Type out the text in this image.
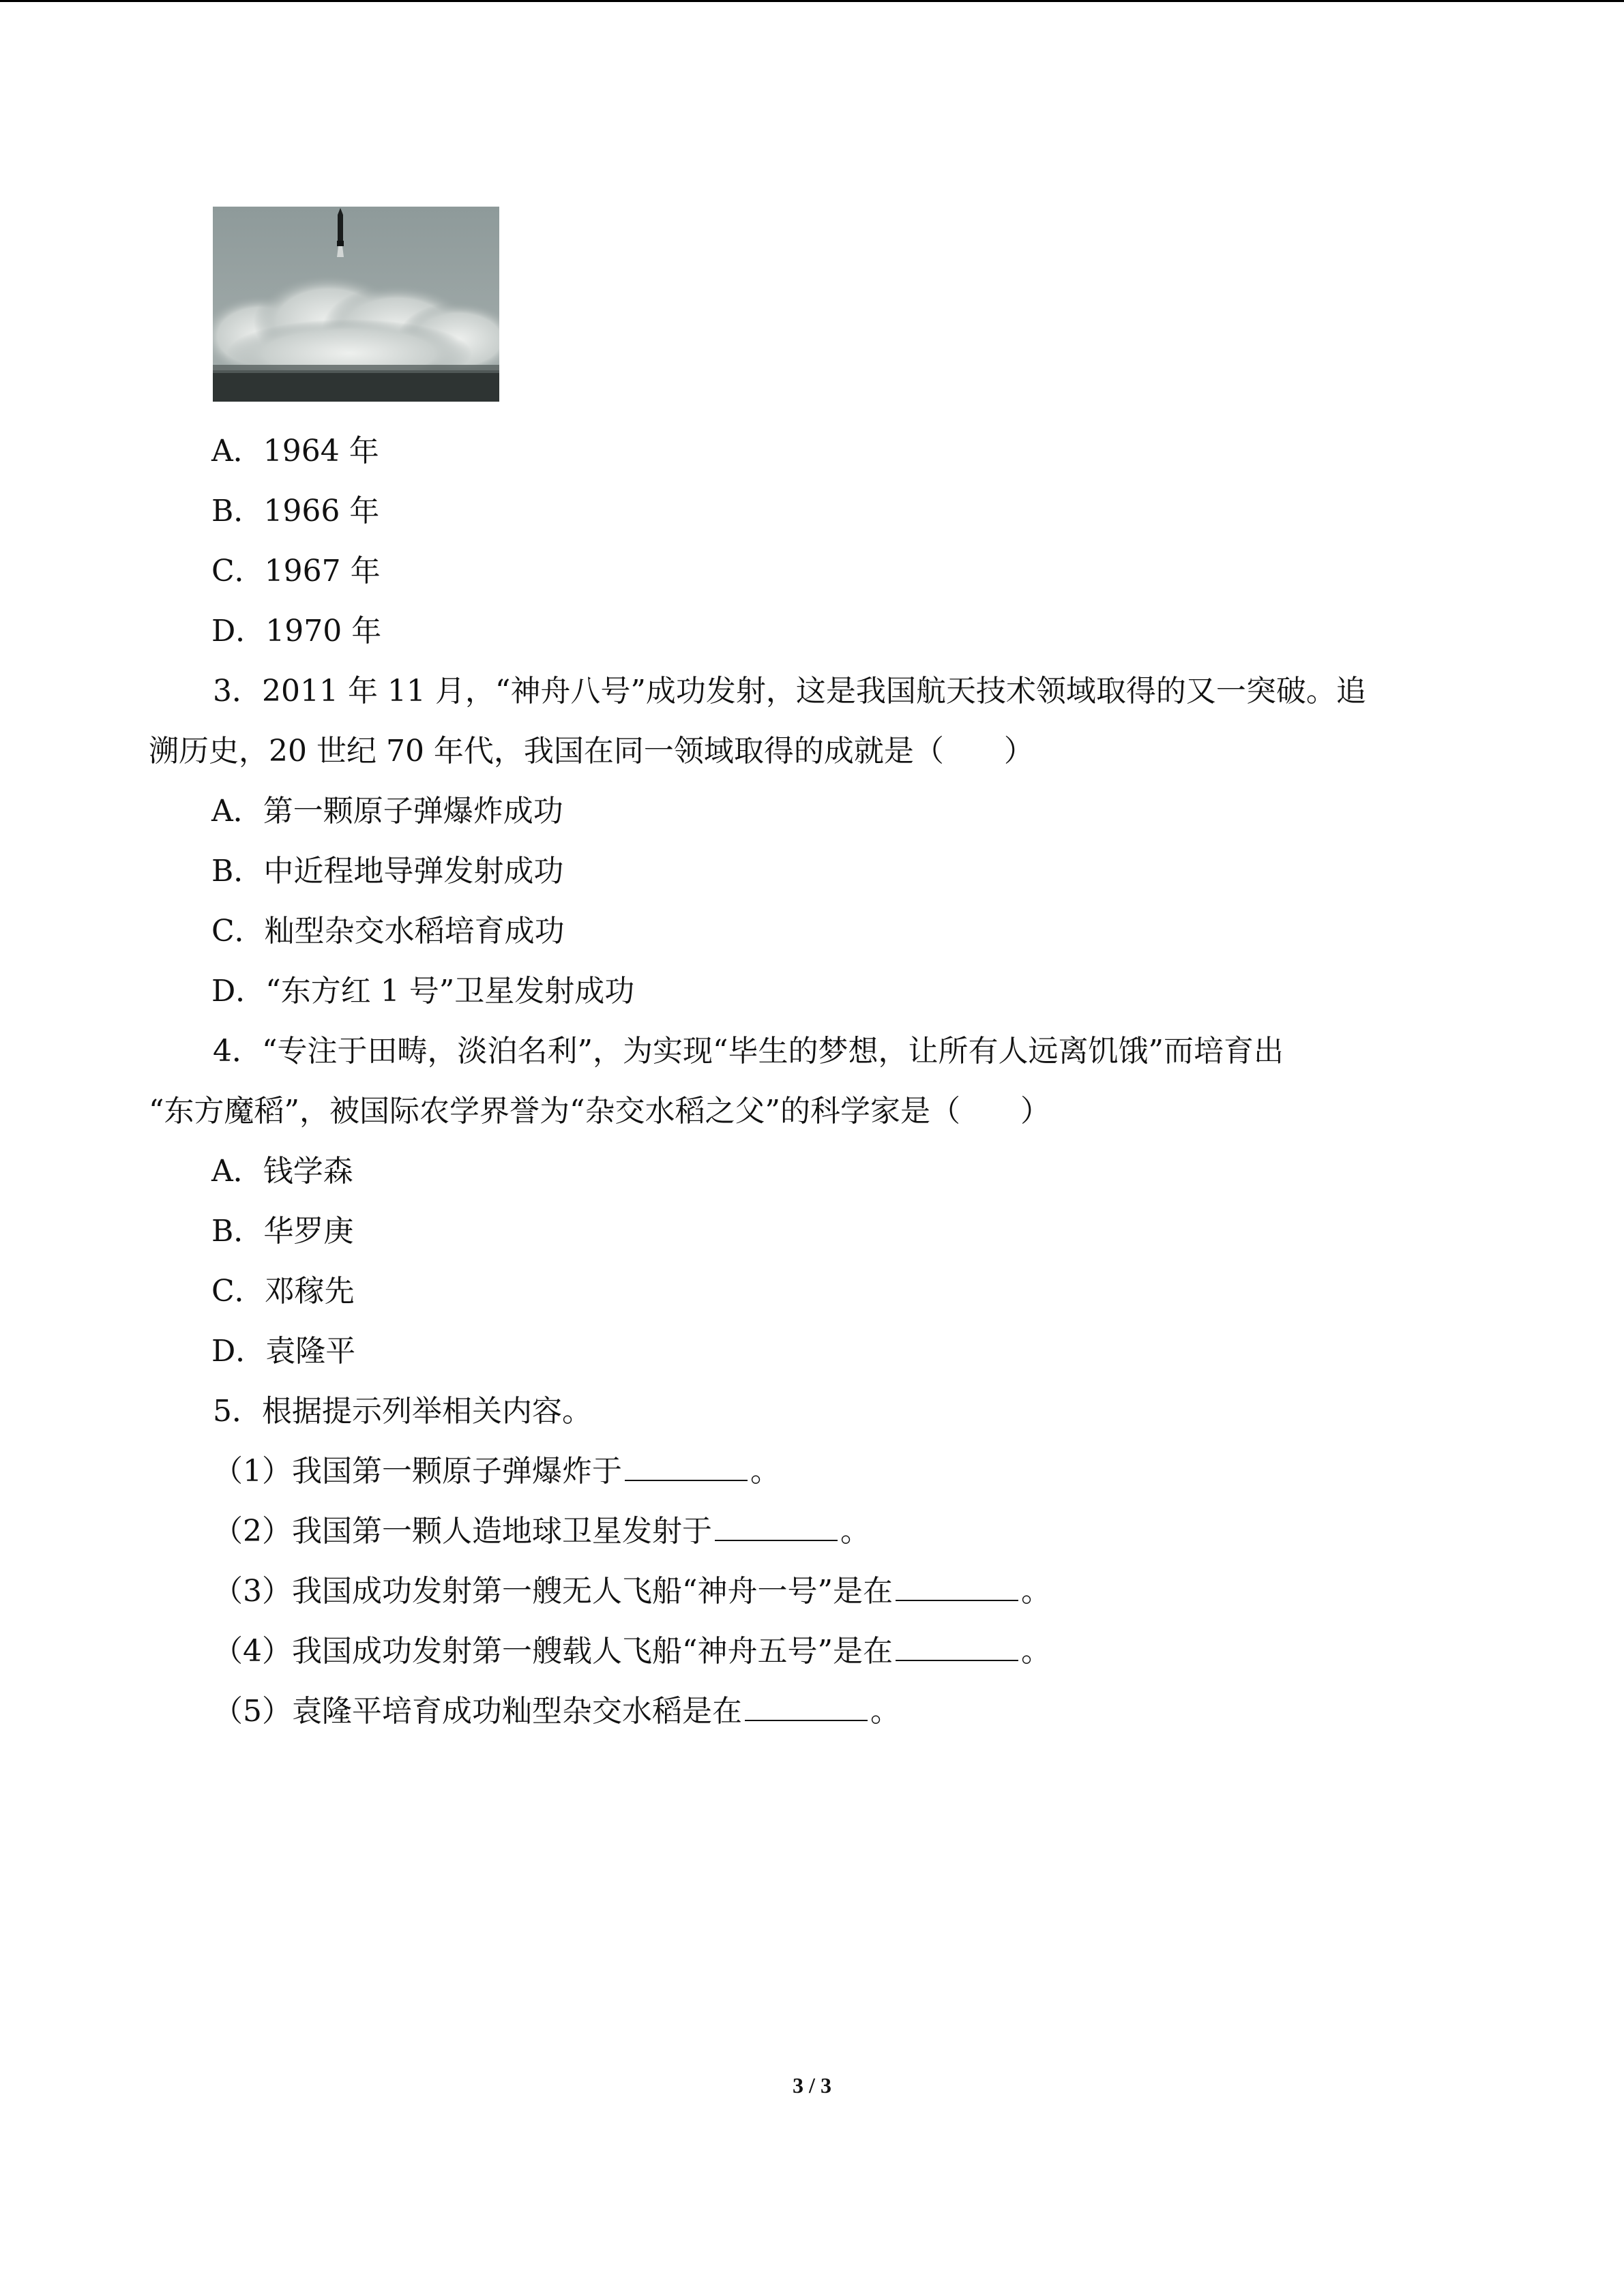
A．1964 年
B．1966 年
C．1967 年
D．1970 年
3．2011 年 11 月，“神舟八号”成功发射，这是我国航天技术领域取得的又一突破。追
溯历史，20 世纪 70 年代，我国在同一领域取得的成就是（　　）
A．第一颗原子弹爆炸成功
B．中近程地导弹发射成功
C．籼型杂交水稻培育成功
D．“东方红 1 号”卫星发射成功
4．“专注于田畴，淡泊名利”，为实现“毕生的梦想，让所有人远离饥饿”而培育出
“东方魔稻”，被国际农学界誉为“杂交水稻之父”的科学家是（　　）
A．钱学森
B．华罗庚
C．邓稼先
D．袁隆平
5．根据提示列举相关内容。
（1）我国第一颗原子弹爆炸于	。
（2）我国第一颗人造地球卫星发射于	。
（3）我国成功发射第一艘无人飞船“神舟一号”是在	。
（4）我国成功发射第一艘载人飞船“神舟五号”是在	。
（5）袁隆平培育成功籼型杂交水稻是在	。
3 / 3
